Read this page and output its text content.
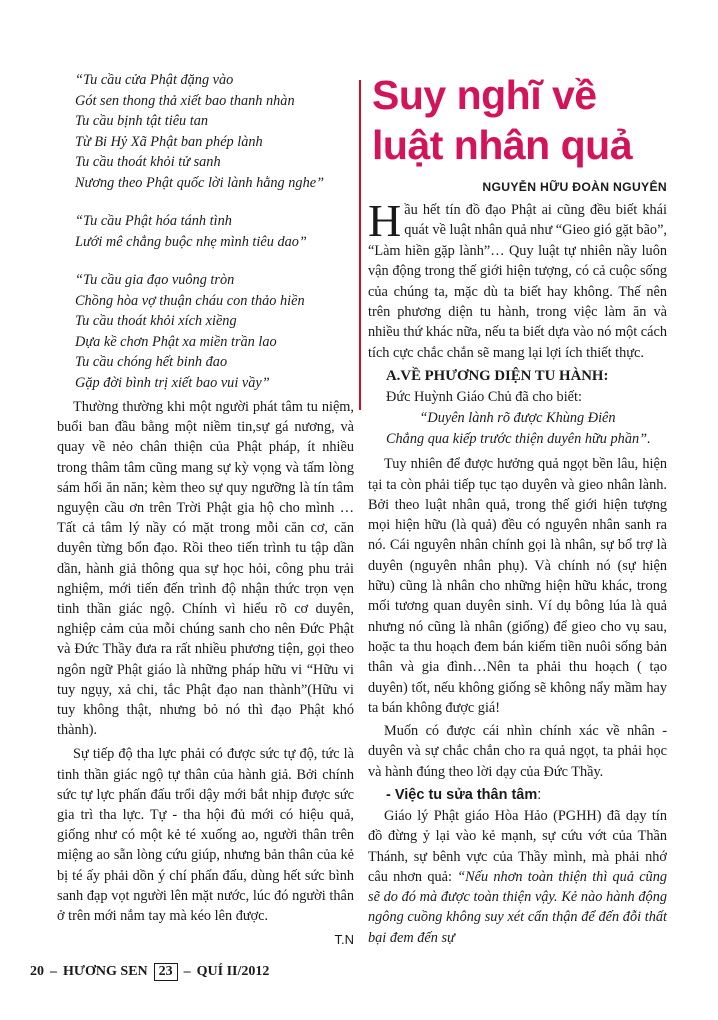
“Tu cầu cửa Phật đặng vào
Gót sen thong thả xiết bao thanh nhàn
Tu cầu bịnh tật tiêu tan
Từ Bi Hỷ Xã Phật ban phép lành
Tu cầu thoát khỏi tử sanh
Nương theo Phật quốc lời lành hằng nghe”
“Tu cầu Phật hóa tánh tình
Lưới mê chẳng buộc nhẹ mình tiêu dao”
“Tu cầu gia đạo vuông tròn
Chồng hòa vợ thuận cháu con thảo hiền
Tu cầu thoát khỏi xích xiềng
Dựa kề chơn Phật xa miền trần lao
Tu cầu chóng hết binh đao
Gặp đời bình trị xiết bao vui vầy”

Thường thường khi một người phát tâm tu niệm, buổi ban đầu bằng một niềm tin,sự gá nương, và quay về nẻo chân thiện của Phật pháp, ít nhiều trong thâm tâm cũng mang sự kỳ vọng và tấm lòng sám hối ăn năn; kèm theo sự quy ngưỡng là tín tâm nguyện cầu ơn trên Trời Phật gia hộ cho mình … Tất cả tâm lý nầy có mặt trong mỗi căn cơ, căn duyên từng bổn đạo. Rồi theo tiến trình tu tập dần dần, hành giả thông qua sự học hỏi, công phu trải nghiệm, mới tiến đến trình độ nhận thức trọn vẹn tinh thần giác ngộ. Chính vì hiểu rõ cơ duyên, nghiệp cảm của mỗi chúng sanh cho nên Đức Phật và Đức Thầy đưa ra rất nhiều phương tiện, gọi theo ngôn ngữ Phật giáo là những pháp hữu vi “Hữu vi tuy ngụy, xả chi, tắc Phật đạo nan thành”(Hữu vi tuy không thật, nhưng bỏ nó thì đạo Phật khó thành).

Sự tiếp độ tha lực phải có được sức tự độ, tức là tinh thần giác ngộ tự thân của hành giả. Bởi chính sức tự lực phấn đấu trổi dậy mới bắt nhịp được sức gia trì tha lực. Tự - tha hội đủ mới có hiệu quả, giống như có một kẻ té xuống ao, người thân trên miệng ao sẵn lòng cứu giúp, nhưng bản thân của kẻ bị té ấy phải dồn ý chí phấn đấu, dùng hết sức bình sanh đạp vọt người lên mặt nước, lúc đó người thân ở trên mới nắm tay mà kéo lên được.

T.N
Suy nghĩ về
luật nhân quả
NGUYỄN HỮU ĐOÀN NGUYÊN

Hầu hết tín đồ đạo Phật ai cũng đều biết khái quát về luật nhân quả như “Gieo gió gặt bão”, “Làm hiền gặp lành”… Quy luật tự nhiên nầy luôn vận động trong thế giới hiện tượng, có cả cuộc sống của chúng ta, mặc dù ta biết hay không. Thế nên trên phương diện tu hành, trong việc làm ăn và nhiều thứ khác nữa, nếu ta biết dựa vào nó một cách tích cực chắc chắn sẽ mang lại lợi ích thiết thực.

A.VỀ PHƯƠNG DIỆN TU HÀNH:
Đức Huỳnh Giáo Chủ đã cho biết:
“Duyên lành rõ được Khùng Điên
Chẳng qua kiếp trước thiện duyên hữu phần”.

Tuy nhiên để được hưởng quả ngọt bền lâu, hiện tại ta còn phải tiếp tục tạo duyên và gieo nhân lành. Bởi theo luật nhân quả, trong thế giới hiện tượng mọi hiện hữu (là quả) đều có nguyên nhân sanh ra nó. Cái nguyên nhân chính gọi là nhân, sự bổ trợ là duyên (nguyên nhân phụ). Và chính nó (sự hiện hữu) cũng là nhân cho những hiện hữu khác, trong mối tương quan duyên sinh. Ví dụ bông lúa là quả nhưng nó cũng là nhân (giống) để gieo cho vụ sau, hoặc ta thu hoạch đem bán kiếm tiền nuôi sống bản thân và gia đình…Nên ta phải thu hoạch ( tạo duyên) tốt, nếu không giống sẽ không nẩy mầm hay ta bán không được giá!

Muốn có được cái nhìn chính xác về nhân - duyên và sự chắc chắn cho ra quả ngọt, ta phải học và hành đúng theo lời dạy của Đức Thầy.

- Việc tu sửa thân tâm:

Giáo lý Phật giáo Hòa Hảo (PGHH) đã dạy tín đồ đừng ỷ lại vào kẻ mạnh, sự cứu vớt của Thần Thánh, sự bênh vực của Thầy mình, mà phải nhớ câu nhơn quả: “Nếu nhơn toàn thiện thì quả cũng sẽ do đó mà được toàn thiện vậy. Kẻ nào hành động ngông cuồng không suy xét cẩn thận để đến đỗi thất bại đem đến sự

20 – HƯƠNG SEN 23 – QUÍ II/2012
